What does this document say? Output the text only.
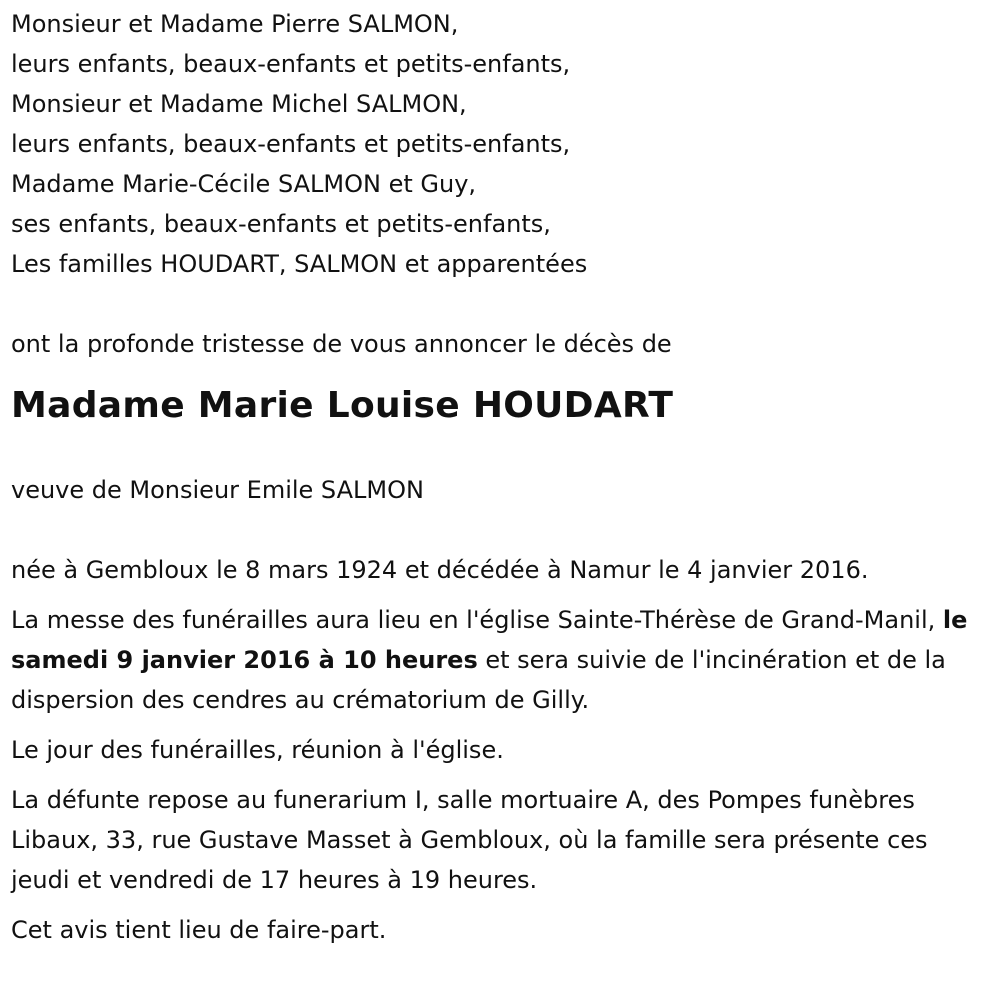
Monsieur et Madame Pierre SALMON,

leurs enfants, beaux-enfants et petits-enfants,

Monsieur et Madame Michel SALMON,

leurs enfants, beaux-enfants et petits-enfants,

Madame Marie-Cécile SALMON et Guy,

ses enfants, beaux-enfants et petits-enfants,

Les familles HOUDART, SALMON et apparentées

ont la profonde tristesse de vous annoncer le décès de

Madame Marie Louise HOUDART

veuve de Monsieur Emile SALMON

née à Gembloux le 8 mars 1924 et décédée à Namur le 4 janvier 2016.

La messe des funérailles aura lieu en l'église Sainte-Thérèse de Grand-Manil, le samedi 9 janvier 2016 à 10 heures et sera suivie de l'incinération et de la dispersion des cendres au crématorium de Gilly.

Le jour des funérailles, réunion à l'église.

La défunte repose au funerarium I, salle mortuaire A, des Pompes funèbres Libaux, 33, rue Gustave Masset à Gembloux, où la famille sera présente ces jeudi et vendredi de 17 heures à 19 heures.

Cet avis tient lieu de faire-part.
